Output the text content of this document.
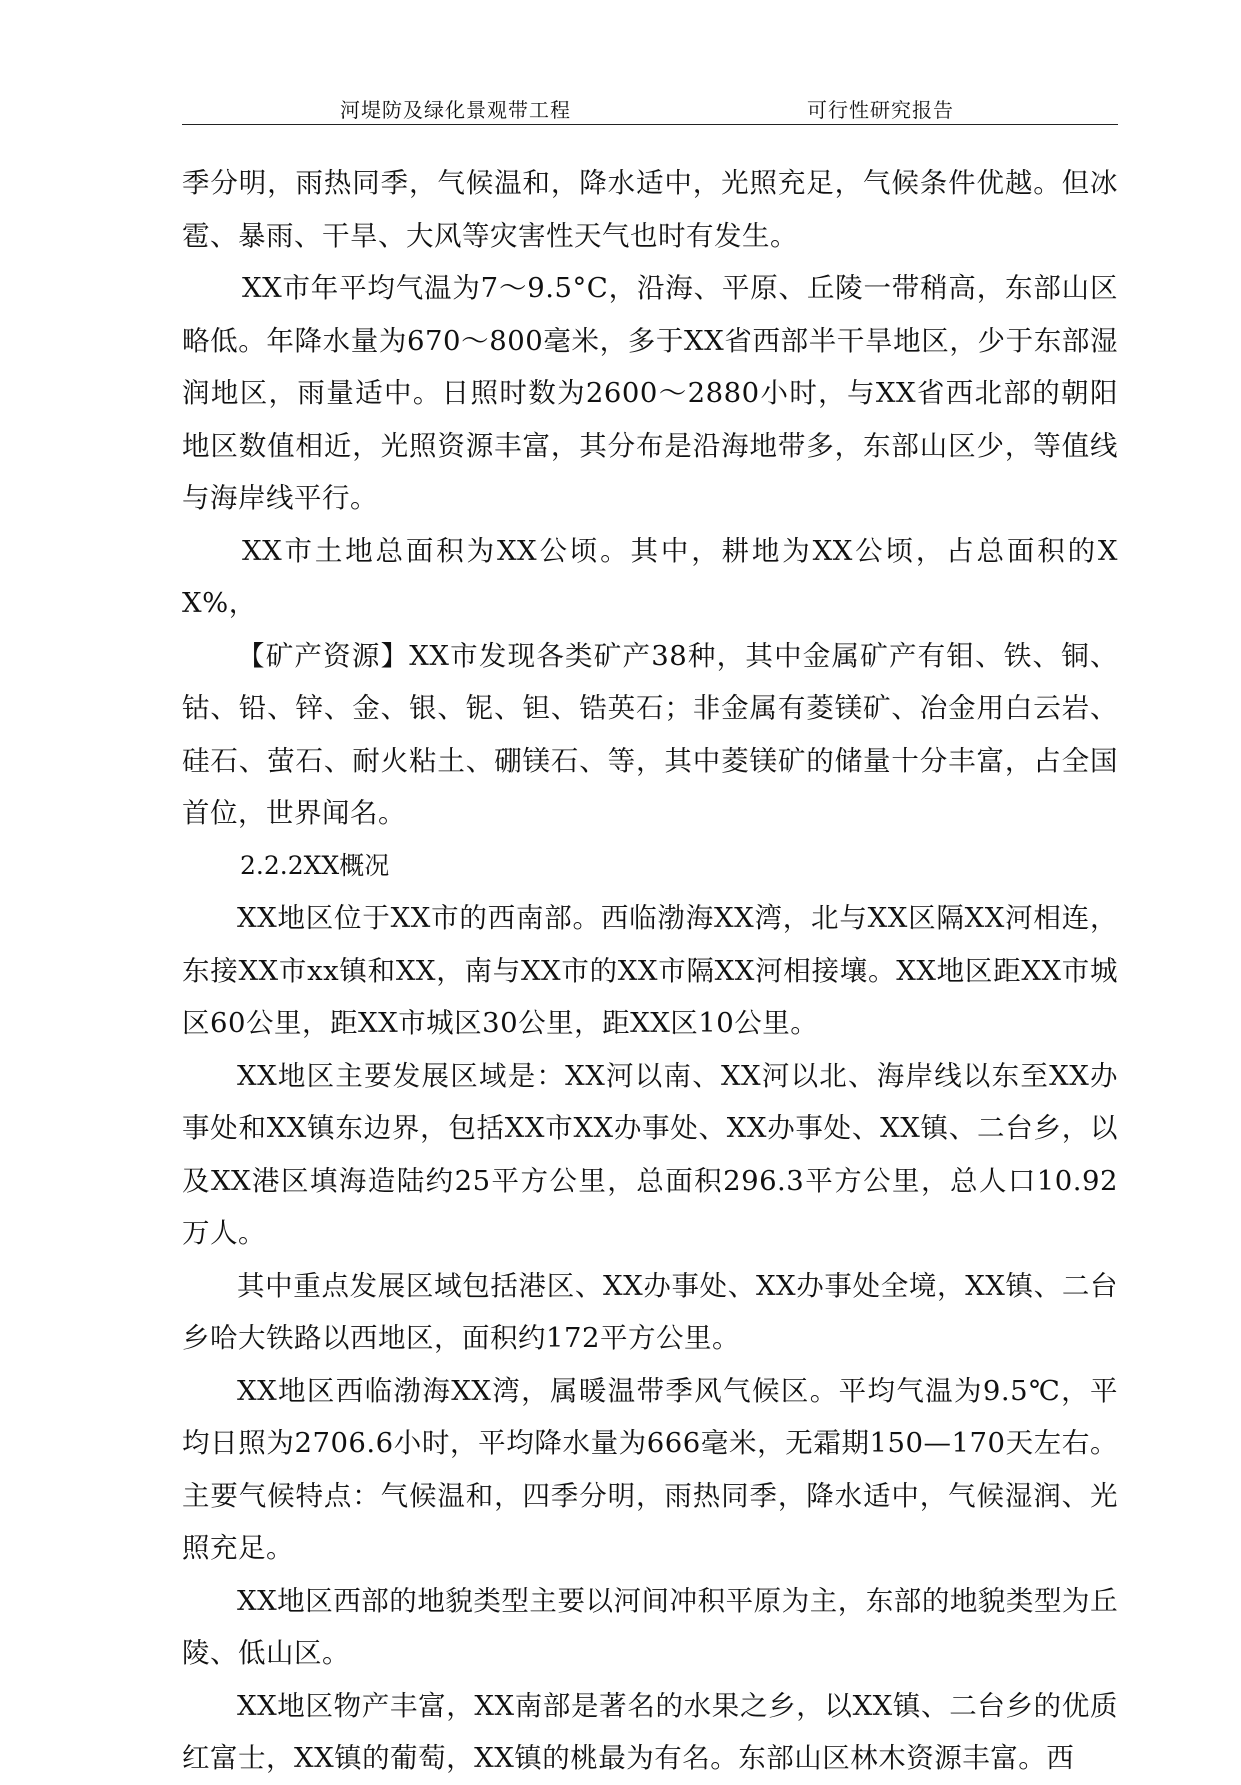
河堤防及绿化景观带工程	可行性研究报告

季分明，雨热同季，气候温和，降水适中，光照充足，气候条件优越。但冰雹、暴雨、干旱、大风等灾害性天气也时有发生。

XX市年平均气温为7～9.5°C，沿海、平原、丘陵一带稍高，东部山区略低。年降水量为670～800毫米，多于XX省西部半干旱地区，少于东部湿润地区，雨量适中。日照时数为2600～2880小时，与XX省西北部的朝阳地区数值相近，光照资源丰富，其分布是沿海地带多，东部山区少，等值线与海岸线平行。

XX市土地总面积为XX公顷。其中，耕地为XX公顷，占总面积的XX%，

【矿产资源】XX市发现各类矿产38种，其中金属矿产有钼、铁、铜、钴、铅、锌、金、银、铌、钽、锆英石；非金属有菱镁矿、冶金用白云岩、硅石、萤石、耐火粘土、硼镁石、等，其中菱镁矿的储量十分丰富，占全国首位，世界闻名。

2.2.2XX概况

XX地区位于XX市的西南部。西临渤海XX湾，北与XX区隔XX河相连，东接XX市xx镇和XX，南与XX市的XX市隔XX河相接壤。XX地区距XX市城区60公里，距XX市城区30公里，距XX区10公里。

XX地区主要发展区域是：XX河以南、XX河以北、海岸线以东至XX办事处和XX镇东边界，包括XX市XX办事处、XX办事处、XX镇、二台乡，以及XX港区填海造陆约25平方公里，总面积296.3平方公里，总人口10.92万人。

其中重点发展区域包括港区、XX办事处、XX办事处全境，XX镇、二台乡哈大铁路以西地区，面积约172平方公里。

XX地区西临渤海XX湾，属暖温带季风气候区。平均气温为9.5℃，平均日照为2706.6小时，平均降水量为666毫米，无霜期150—170天左右。主要气候特点：气候温和，四季分明，雨热同季，降水适中，气候湿润、光照充足。

XX地区西部的地貌类型主要以河间冲积平原为主，东部的地貌类型为丘陵、低山区。

XX地区物产丰富，XX南部是著名的水果之乡，以XX镇、二台乡的优质红富士，XX镇的葡萄，XX镇的桃最为有名。东部山区林木资源丰富。西
